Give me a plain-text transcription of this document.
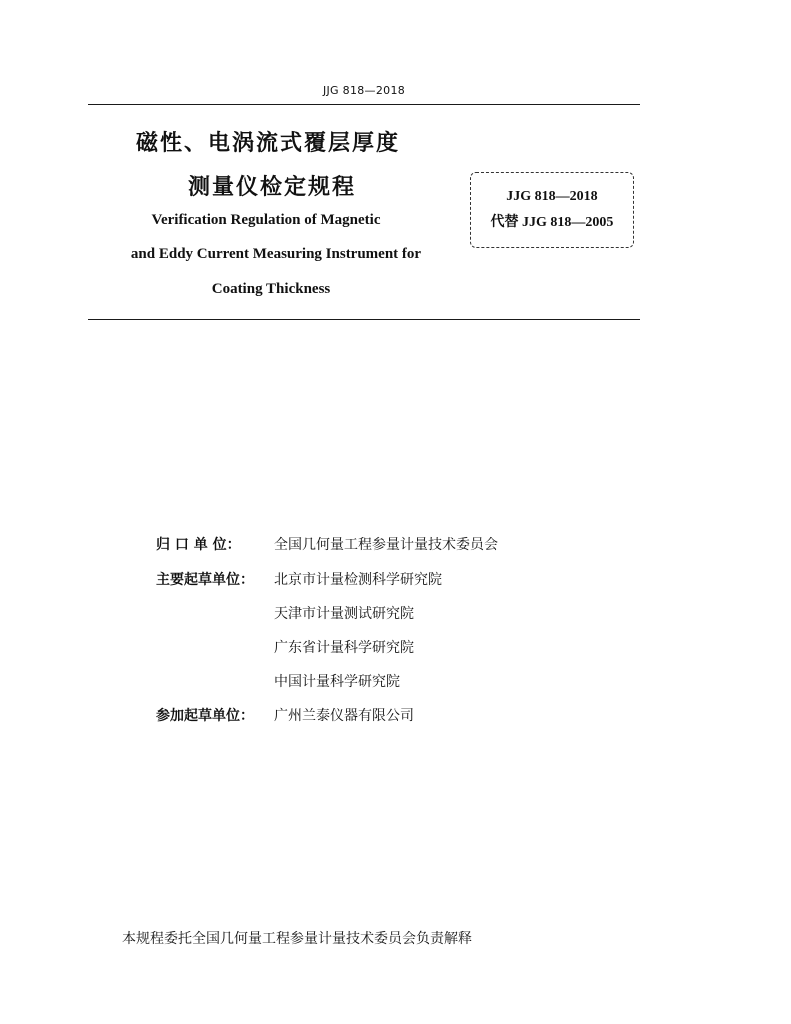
JJG 818—2018
磁性、电涡流式覆层厚度
测量仪检定规程
Verification Regulation of Magnetic
and Eddy Current Measuring Instrument for
Coating Thickness
JJG 818—2018
代替 JJG 818—2005
归 口 单 位：	全国几何量工程参量计量技术委员会
主要起草单位：	北京市计量检测科学研究院
天津市计量测试研究院
广东省计量科学研究院
中国计量科学研究院
参加起草单位：	广州兰泰仪器有限公司
本规程委托全国几何量工程参量计量技术委员会负责解释
